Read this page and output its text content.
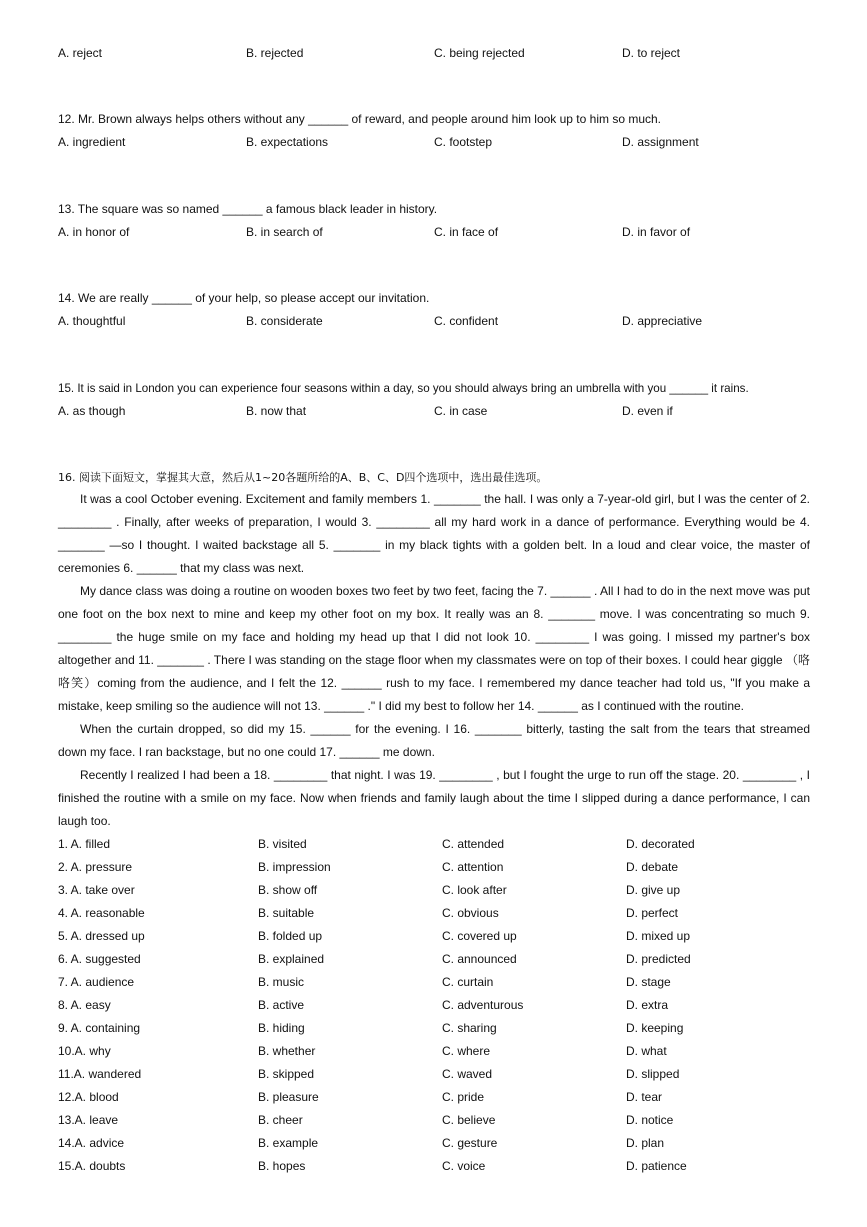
A. reject	B. rejected	C. being rejected	D. to reject
12. Mr. Brown always helps others without any ______ of reward, and people around him look up to him so much.
A. ingredient	B. expectations	C. footstep	D. assignment
13. The square was so named ______ a famous black leader in history.
A. in honor of	B. in search of	C. in face of	D. in favor of
14. We are really ______ of your help, so please accept our invitation.
A. thoughtful	B. considerate	C. confident	D. appreciative
15. It is said in London you can experience four seasons within a day, so you should always bring an umbrella with you ______ it rains.
A. as though	B. now that	C. in case	D. even if
16. 阅读下面短文，掌握其大意，然后从1~20各题所给的A、B、C、D四个选项中，选出最佳选项。

It was a cool October evening. Excitement and family members 1. _______ the hall. I was only a 7-year-old girl, but I was the center of 2. ________ . Finally, after weeks of preparation, I would 3. ________ all my hard work in a dance of performance. Everything would be 4. _______ —so I thought. I waited backstage all 5. _______ in my black tights with a golden belt. In a loud and clear voice, the master of ceremonies 6. ______ that my class was next.

My dance class was doing a routine on wooden boxes two feet by two feet, facing the 7. ______ . All I had to do in the next move was put one foot on the box next to mine and keep my other foot on my box. It really was an 8. _______ move. I was concentrating so much 9. ________ the huge smile on my face and holding my head up that I did not look 10. ________ I was going. I missed my partner's box altogether and 11. _______ . There I was standing on the stage floor when my classmates were on top of their boxes. I could hear giggle （咯咯笑）coming from the audience, and I felt the 12. ______ rush to my face. I remembered my dance teacher had told us, "If you make a mistake, keep smiling so the audience will not 13. ______ ." I did my best to follow her 14. ______ as I continued with the routine.

When the curtain dropped, so did my 15. ______ for the evening. I 16. _______ bitterly, tasting the salt from the tears that streamed down my face. I ran backstage, but no one could 17. ______ me down.

Recently I realized I had been a 18. ________ that night. I was 19. ________ , but I fought the urge to run off the stage. 20. ________ , I finished the routine with a smile on my face. Now when friends and family laugh about the time I slipped during a dance performance, I can laugh too.

1. A. filled	B. visited	C. attended	D. decorated
2. A. pressure	B. impression	C. attention	D. debate
3. A. take over	B. show off	C. look after	D. give up
4. A. reasonable	B. suitable	C. obvious	D. perfect
5. A. dressed up	B. folded up	C. covered up	D. mixed up
6. A. suggested	B. explained	C. announced	D. predicted
7. A. audience	B. music	C. curtain	D. stage
8. A. easy	B. active	C. adventurous	D. extra
9. A. containing	B. hiding	C. sharing	D. keeping
10.A. why	B. whether	C. where	D. what
11.A. wandered	B. skipped	C. waved	D. slipped
12.A. blood	B. pleasure	C. pride	D. tear
13.A. leave	B. cheer	C. believe	D. notice
14.A. advice	B. example	C. gesture	D. plan
15.A. doubts	B. hopes	C. voice	D. patience
